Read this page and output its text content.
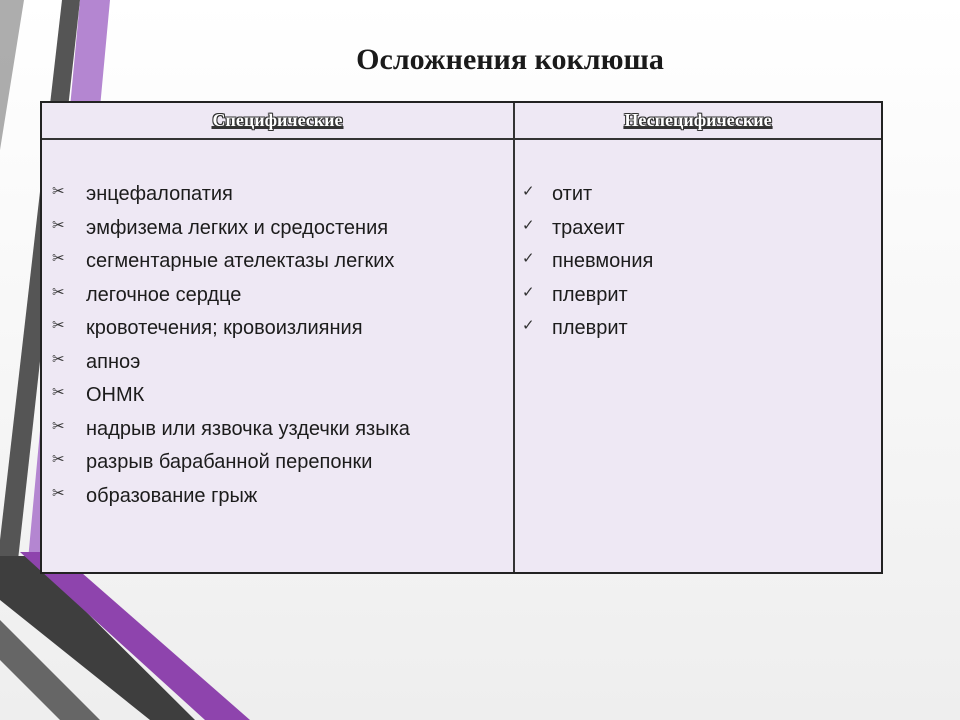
Осложнения коклюша
Специфические	Неспецифические
✂ энцефалопатия
✂ эмфизема легких и средостения
✂ сегментарные ателектазы легких
✂ легочное сердце
✂ кровотечения; кровоизлияния
✂ апноэ
✂ ОНМК
✂ надрыв или язвочка уздечки языка
✂ разрыв барабанной перепонки
✂ образование грыж
✓ отит
✓ трахеит
✓ пневмония
✓ плеврит
✓ плеврит
